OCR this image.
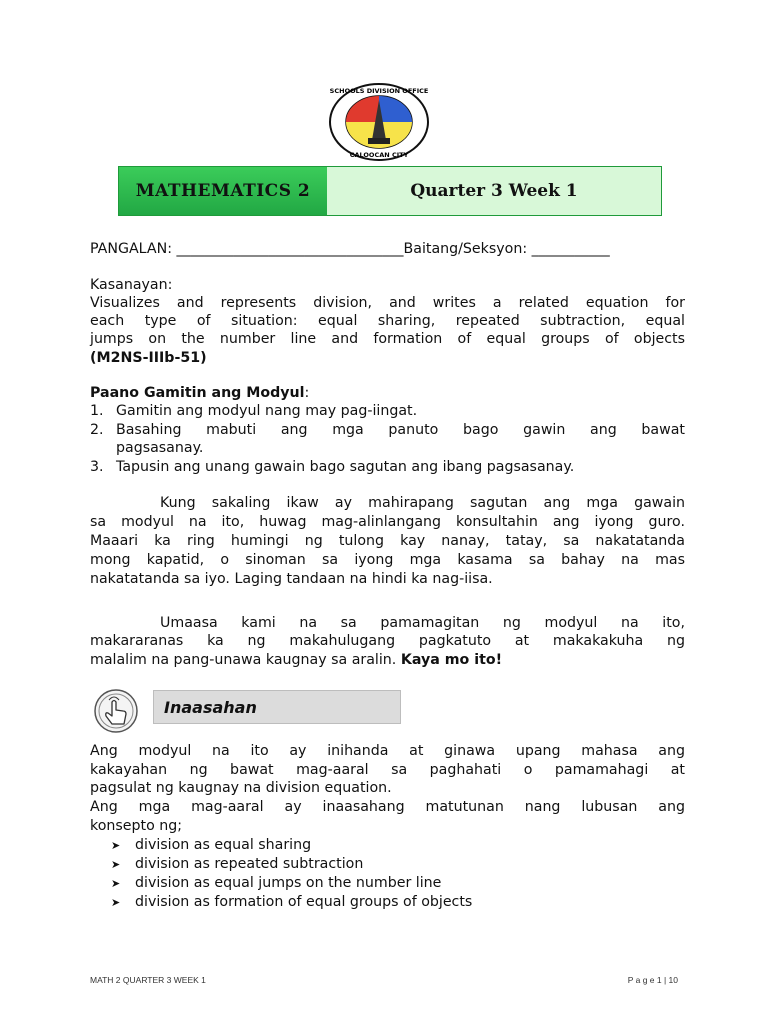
SCHOOLS DIVISION OFFICE
CALOOCAN CITY
MATHEMATICS 2	Quarter 3 Week 1
PANGALAN: ________________________________Baitang/Seksyon: ___________
Kasanayan:
Visualizes and represents division, and writes a related equation for
each type of situation: equal sharing, repeated subtraction, equal
jumps on the number line and formation of equal groups of objects
(M2NS-IIIb-51)
Paano Gamitin ang Modyul:
1. Gamitin ang modyul nang may pag-iingat.
2. Basahing mabuti ang mga panuto bago gawin ang bawat
pagsasanay.
3. Tapusin ang unang gawain bago sagutan ang ibang pagsasanay.
Kung sakaling ikaw ay mahirapang sagutan ang mga gawain
sa modyul na ito, huwag mag-alinlangang konsultahin ang iyong guro.
Maaari ka ring humingi ng tulong kay nanay, tatay, sa nakatatanda
mong kapatid, o sinoman sa iyong mga kasama sa bahay na mas
nakatatanda sa iyo. Laging tandaan na hindi ka nag-iisa.
Umaasa kami na sa pamamagitan ng modyul na ito,
makararanas ka ng makahulugang pagkatuto at makakakuha ng
malalim na pang-unawa kaugnay sa aralin. Kaya mo ito!
Inaasahan
Ang modyul na ito ay inihanda at ginawa upang mahasa ang
kakayahan ng bawat mag-aaral sa paghahati o pamamahagi at
pagsulat ng kaugnay na division equation.
Ang mga mag-aaral ay inaasahang matutunan nang lubusan ang
konsepto ng;
➤ division as equal sharing
➤ division as repeated subtraction
➤ division as equal jumps on the number line
➤ division as formation of equal groups of objects
MATH 2 QUARTER 3 WEEK 1	P a g e 1 | 10
